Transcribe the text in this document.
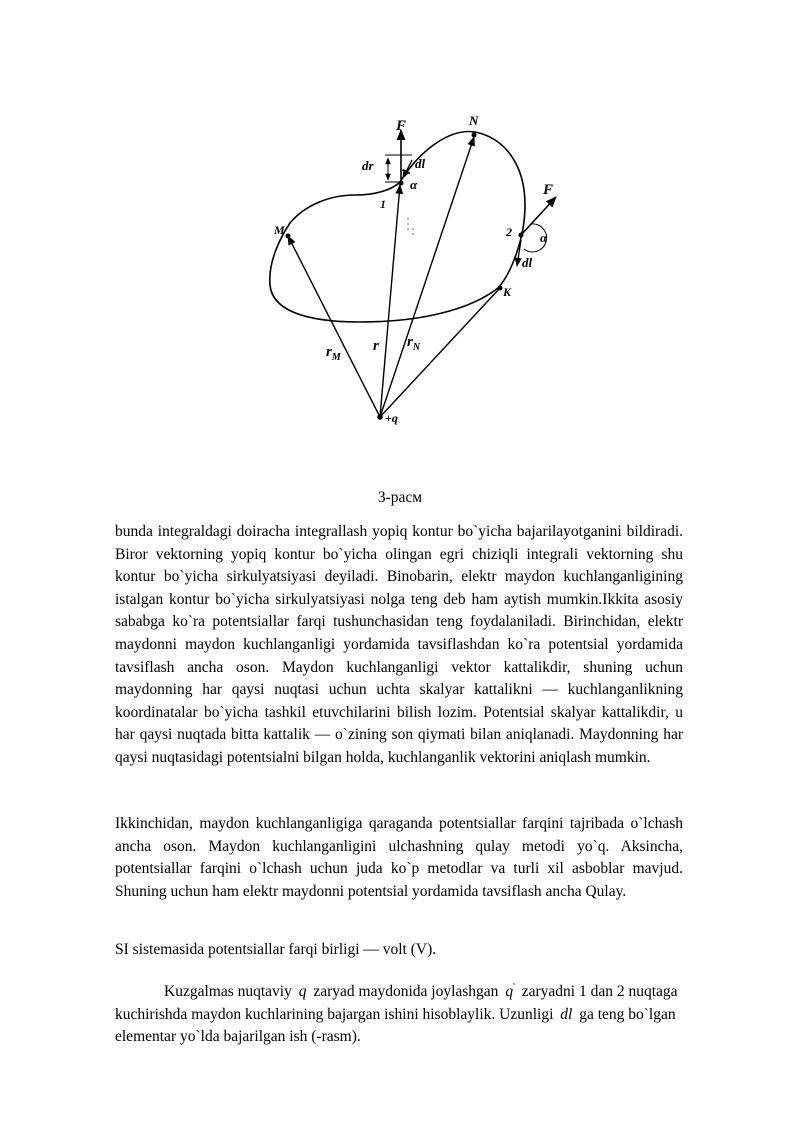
F	N
dr	dl
α
1
M	2 α
F
dl
K
$r_M$
r $r_N$
+q
3-расм

bunda integraldagi doiracha integrallash yopiq kontur bo`yicha bajarilayotganini bildiradi. Biror vektorning yopiq kontur bo`yicha olingan egri chiziqli integrali vektorning shu kontur bo`yicha sirkulyatsiyasi deyiladi. Binobarin, elektr maydon kuchlanganligining istalgan kontur bo`yicha sirkulyatsiyasi nolga teng deb ham aytish mumkin.Ikkita asosiy sababga ko`ra potentsiallar farqi tushunchasidan teng foydalaniladi. Birinchidan, elektr maydonni maydon kuchlanganligi yordamida tavsiflashdan ko`ra potentsial yordamida tavsiflash ancha oson. Maydon kuchlanganligi vektor kattalikdir, shuning uchun maydonning har qaysi nuqtasi uchun uchta skalyar kattalikni — kuchlanganlikning koordinatalar bo`yicha tashkil etuvchilarini bilish lozim. Potentsial skalyar kattalikdir, u har qaysi nuqtada bitta kattalik — o`zining son qiymati bilan aniqlanadi. Maydonning har qaysi nuqtasidagi potentsialni bilgan holda, kuchlanganlik vektorini aniqlash mumkin.

Ikkinchidan, maydon kuchlanganligiga qaraganda potentsiallar farqini tajribada o`lchash ancha oson. Maydon kuchlanganligini ulchashning qulay metodi yo`q. Aksincha, potentsiallar farqini o`lchash uchun juda ko`p metodlar va turli xil asboblar mavjud. Shuning uchun ham elektr maydonni potentsial yordamida tavsiflash ancha Qulay.

SI sistemasida potentsiallar farqi birligi — volt (V).

Kuzgalmas nuqtaviy q zaryad maydonida joylashgan q' zaryadni 1 dan 2 nuqtaga kuchirishda maydon kuchlarining bajargan ishini hisoblaylik. Uzunligi dl ga teng bo`lgan elementar yo`lda bajarilgan ish (-rasm).
